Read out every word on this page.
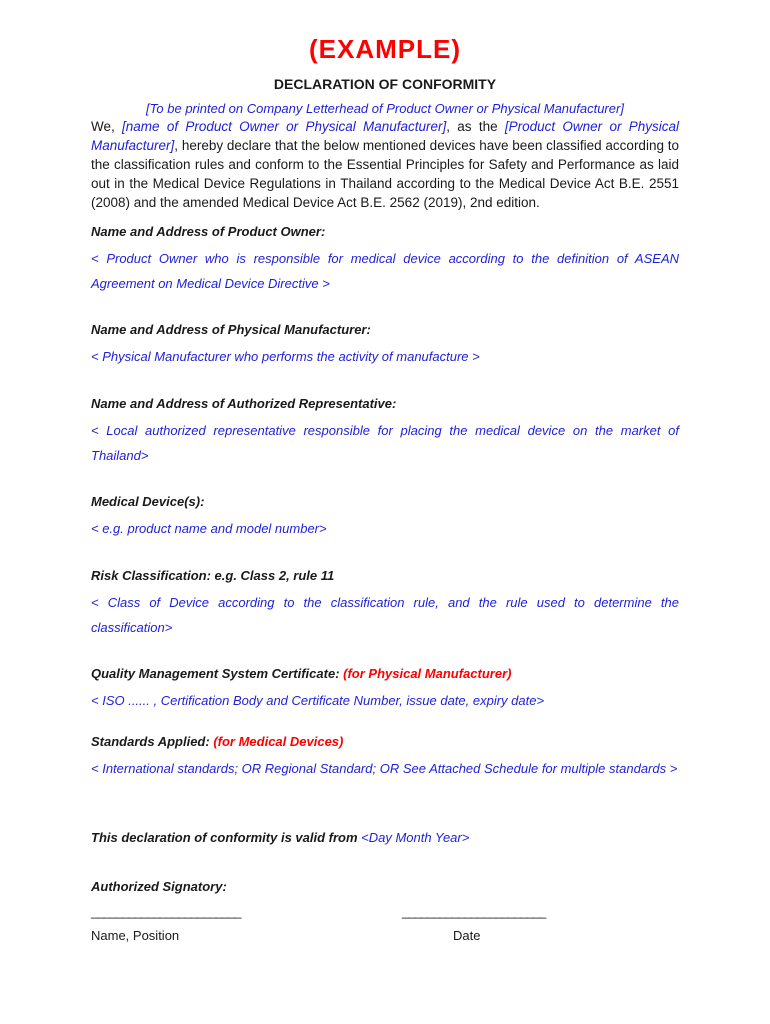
(EXAMPLE)
DECLARATION OF CONFORMITY
[To be printed on Company Letterhead of Product Owner or Physical Manufacturer]
We, [name of Product Owner or Physical Manufacturer], as the [Product Owner or Physical Manufacturer], hereby declare that the below mentioned devices have been classified according to the classification rules and conform to the Essential Principles for Safety and Performance as laid out in the Medical Device Regulations in Thailand according to the Medical Device Act B.E. 2551 (2008) and the amended Medical Device Act B.E. 2562 (2019), 2nd edition.
Name and Address of Product Owner:
< Product Owner who is responsible for medical device according to the definition of ASEAN Agreement on Medical Device Directive >
Name and Address of Physical Manufacturer:
< Physical Manufacturer who performs the activity of manufacture >
Name and Address of Authorized Representative:
< Local authorized representative responsible for placing the medical device on the market of Thailand>
Medical Device(s):
< e.g. product name and model number>
Risk Classification: e.g. Class 2, rule 11
< Class of Device according to the classification rule, and the rule used to determine the classification>
Quality Management System Certificate: (for Physical Manufacturer)
< ISO ...... , Certification Body and Certificate Number, issue date, expiry date>
Standards Applied: (for Medical Devices)
< International standards; OR Regional Standard; OR See Attached Schedule for multiple standards >
This declaration of conformity is valid from <Day Month Year>
Authorized Signatory:
________________________	_______________________
Name, Position	Date
